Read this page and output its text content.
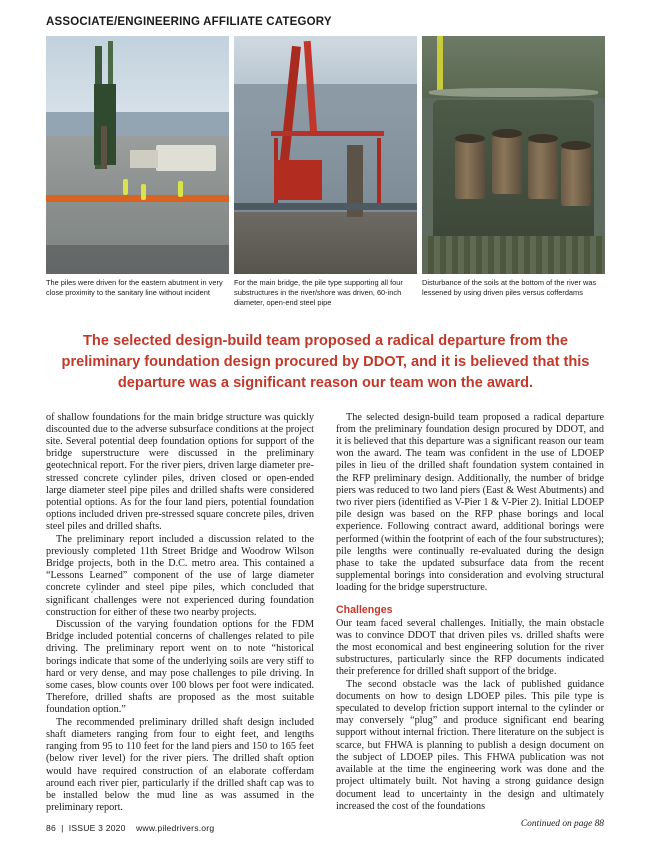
ASSOCIATE/ENGINEERING AFFILIATE CATEGORY
The piles were driven for the eastern abutment in very close proximity to the sanitary line without incident
For the main bridge, the pile type supporting all four substructures in the river/shore was driven, 60-inch diameter, open-end steel pipe
Disturbance of the soils at the bottom of the river was lessened by using driven piles versus cofferdams
The selected design-build team proposed a radical departure from the preliminary foundation design procured by DDOT, and it is believed that this departure was a significant reason our team won the award.

of shallow foundations for the main bridge structure was quickly discounted due to the adverse subsurface conditions at the project site. Several potential deep foundation options for support of the bridge superstructure were discussed in the preliminary geotechnical report. For the river piers, driven large diameter pre-stressed concrete cylinder piles, driven closed or open-ended large diameter steel pipe piles and drilled shafts were considered potential options. As for the four land piers, potential foundation options included driven pre-stressed square concrete piles, driven steel piles and drilled shafts.

The preliminary report included a discussion related to the previously completed 11th Street Bridge and Woodrow Wilson Bridge projects, both in the D.C. metro area. This contained a “Lessons Learned” component of the use of large diameter concrete cylinder and steel pipe piles, which concluded that significant challenges were not experienced during foundation construction for either of these two nearby projects.

Discussion of the varying foundation options for the FDM Bridge included potential concerns of challenges related to pile driving. The preliminary report went on to note “historical borings indicate that some of the underlying soils are very stiff to hard or very dense, and may pose challenges to pile driving. In some cases, blow counts over 100 blows per foot were indicated. Therefore, drilled shafts are proposed as the most suitable foundation option.”

The recommended preliminary drilled shaft design included shaft diameters ranging from four to eight feet, and lengths ranging from 95 to 110 feet for the land piers and 150 to 165 feet (below river level) for the river piers. The drilled shaft option would have required construction of an elaborate cofferdam around each river pier, particularly if the drilled shaft cap was to be installed below the mud line as was assumed in the preliminary report.

The selected design-build team proposed a radical departure from the preliminary foundation design procured by DDOT, and it is believed that this departure was a significant reason our team won the award. The team was confident in the use of LDOEP piles in lieu of the drilled shaft foundation system contained in the RFP preliminary design. Additionally, the number of bridge piers was reduced to two land piers (East & West Abutments) and two river piers (identified as V-Pier 1 & V-Pier 2). Initial LDOEP pile design was based on the RFP phase borings and local experience. Following contract award, additional borings were performed (within the footprint of each of the four substructures); pile lengths were continually re-evaluated during the design phase to take the updated subsurface data from the recent supplemental borings into consideration and evolving structural loading for the bridge superstructure.

Challenges

Our team faced several challenges. Initially, the main obstacle was to convince DDOT that driven piles vs. drilled shafts were the most economical and best engineering solution for the river substructures, particularly since the RFP documents indicated their preference for drilled shaft support of the bridge.

The second obstacle was the lack of published guidance documents on how to design LDOEP piles. This pile type is speculated to develop friction support internal to the cylinder or may conversely “plug” and produce significant end bearing support without internal friction. There literature on the subject is scarce, but FHWA is planning to publish a design document on the subject of LDOEP piles. This FHWA publication was not available at the time the engineering work was done and the project ultimately built. Not having a strong guidance design document lead to uncertainty in the design and ultimately increased the cost of the foundations

Continued on page 88
86  |  ISSUE 3 2020 www.piledrivers.org
